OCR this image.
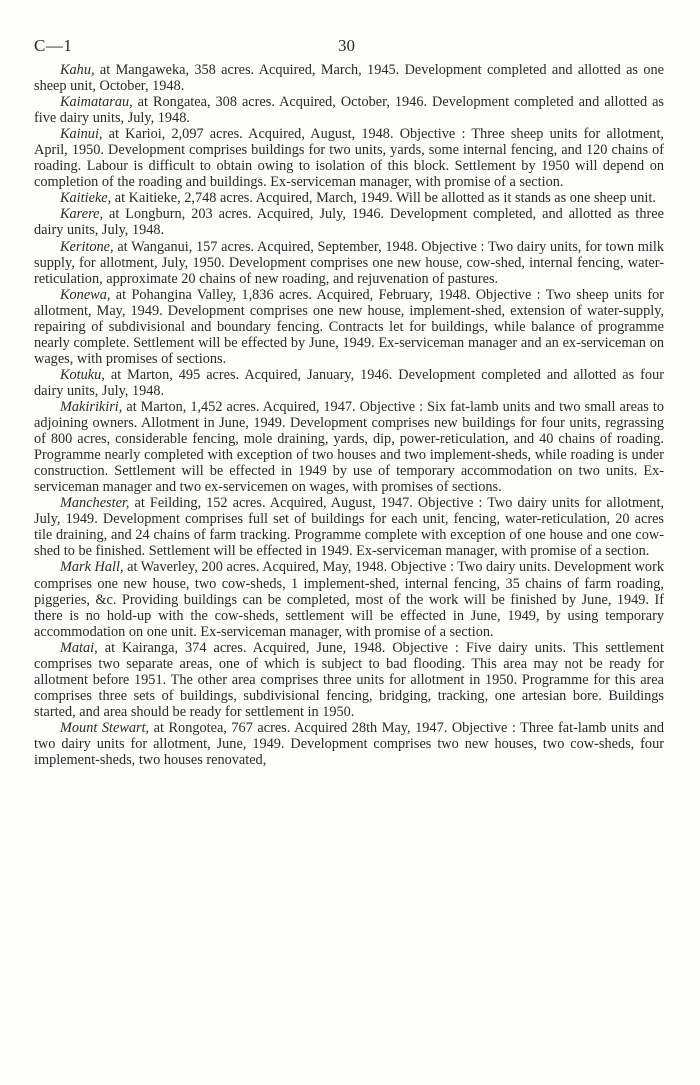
C—1	30

Kahu, at Mangaweka, 358 acres. Acquired, March, 1945. Development completed and allotted as one sheep unit, October, 1948.

Kaimatarau, at Rongatea, 308 acres. Acquired, October, 1946. Development completed and allotted as five dairy units, July, 1948.

Kainui, at Karioi, 2,097 acres. Acquired, August, 1948. Objective : Three sheep units for allotment, April, 1950. Development comprises buildings for two units, yards, some internal fencing, and 120 chains of roading. Labour is difficult to obtain owing to isolation of this block. Settlement by 1950 will depend on completion of the roading and buildings. Ex-serviceman manager, with promise of a section.

Kaitieke, at Kaitieke, 2,748 acres. Acquired, March, 1949. Will be allotted as it stands as one sheep unit.

Karere, at Longburn, 203 acres. Acquired, July, 1946. Development completed, and allotted as three dairy units, July, 1948.

Keritone, at Wanganui, 157 acres. Acquired, September, 1948. Objective : Two dairy units, for town milk supply, for allotment, July, 1950. Development comprises one new house, cow-shed, internal fencing, water-reticulation, approximate 20 chains of new roading, and rejuvenation of pastures.

Konewa, at Pohangina Valley, 1,836 acres. Acquired, February, 1948. Objective : Two sheep units for allotment, May, 1949. Development comprises one new house, implement-shed, extension of water-supply, repairing of subdivisional and boundary fencing. Contracts let for buildings, while balance of programme nearly complete. Settlement will be effected by June, 1949. Ex-serviceman manager and an ex-serviceman on wages, with promises of sections.

Kotuku, at Marton, 495 acres. Acquired, January, 1946. Development completed and allotted as four dairy units, July, 1948.

Makirikiri, at Marton, 1,452 acres. Acquired, 1947. Objective : Six fat-lamb units and two small areas to adjoining owners. Allotment in June, 1949. Development comprises new buildings for four units, regrassing of 800 acres, considerable fencing, mole draining, yards, dip, power-reticulation, and 40 chains of roading. Programme nearly completed with exception of two houses and two implement-sheds, while roading is under construction. Settlement will be effected in 1949 by use of temporary accommodation on two units. Ex-serviceman manager and two ex-servicemen on wages, with promises of sections.

Manchester, at Feilding, 152 acres. Acquired, August, 1947. Objective : Two dairy units for allotment, July, 1949. Development comprises full set of buildings for each unit, fencing, water-reticulation, 20 acres tile draining, and 24 chains of farm tracking. Programme complete with exception of one house and one cow-shed to be finished. Settlement will be effected in 1949. Ex-serviceman manager, with promise of a section.

Mark Hall, at Waverley, 200 acres. Acquired, May, 1948. Objective : Two dairy units. Development work comprises one new house, two cow-sheds, 1 implement-shed, internal fencing, 35 chains of farm roading, piggeries, &c. Providing buildings can be completed, most of the work will be finished by June, 1949. If there is no hold-up with the cow-sheds, settlement will be effected in June, 1949, by using temporary accommodation on one unit. Ex-serviceman manager, with promise of a section.

Matai, at Kairanga, 374 acres. Acquired, June, 1948. Objective : Five dairy units. This settlement comprises two separate areas, one of which is subject to bad flooding. This area may not be ready for allotment before 1951. The other area comprises three units for allotment in 1950. Programme for this area comprises three sets of buildings, subdivisional fencing, bridging, tracking, one artesian bore. Buildings started, and area should be ready for settlement in 1950.

Mount Stewart, at Rongotea, 767 acres. Acquired 28th May, 1947. Objective : Three fat-lamb units and two dairy units for allotment, June, 1949. Development comprises two new houses, two cow-sheds, four implement-sheds, two houses renovated,
